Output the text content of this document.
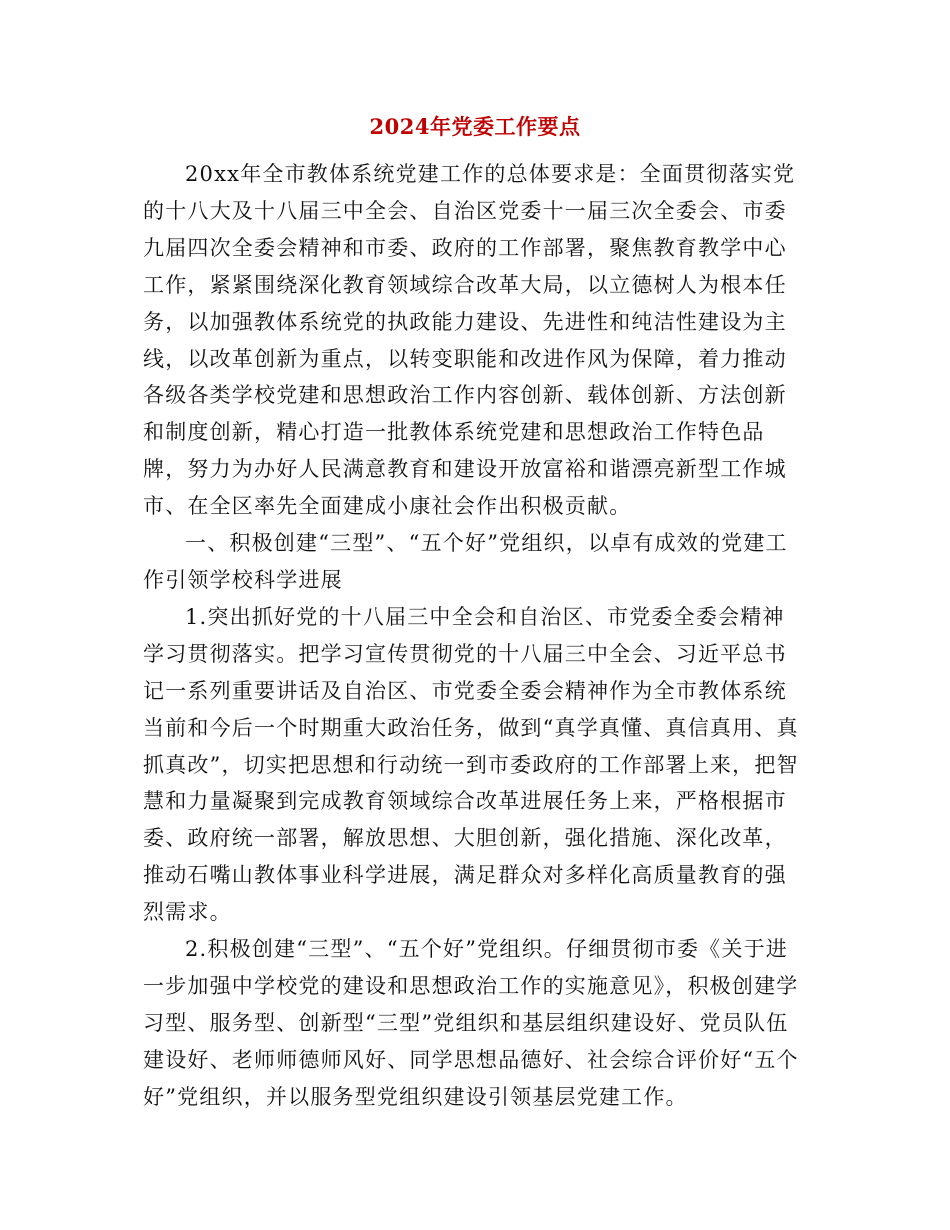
2024年党委工作要点

20xx年全市教体系统党建工作的总体要求是：全面贯彻落实党的十八大及十八届三中全会、自治区党委十一届三次全委会、市委九届四次全委会精神和市委、政府的工作部署，聚焦教育教学中心工作，紧紧围绕深化教育领域综合改革大局，以立德树人为根本任务，以加强教体系统党的执政能力建设、先进性和纯洁性建设为主线，以改革创新为重点，以转变职能和改进作风为保障，着力推动各级各类学校党建和思想政治工作内容创新、载体创新、方法创新和制度创新，精心打造一批教体系统党建和思想政治工作特色品牌，努力为办好人民满意教育和建设开放富裕和谐漂亮新型工作城市、在全区率先全面建成小康社会作出积极贡献。

一、积极创建“三型”、“五个好”党组织，以卓有成效的党建工作引领学校科学进展

1.突出抓好党的十八届三中全会和自治区、市党委全委会精神学习贯彻落实。把学习宣传贯彻党的十八届三中全会、习近平总书记一系列重要讲话及自治区、市党委全委会精神作为全市教体系统当前和今后一个时期重大政治任务，做到“真学真懂、真信真用、真抓真改”，切实把思想和行动统一到市委政府的工作部署上来，把智慧和力量凝聚到完成教育领域综合改革进展任务上来，严格根据市委、政府统一部署，解放思想、大胆创新，强化措施、深化改革，推动石嘴山教体事业科学进展，满足群众对多样化高质量教育的强烈需求。

2.积极创建“三型”、“五个好”党组织。仔细贯彻市委《关于进一步加强中学校党的建设和思想政治工作的实施意见》，积极创建学习型、服务型、创新型“三型”党组织和基层组织建设好、党员队伍建设好、老师师德师风好、同学思想品德好、社会综合评价好“五个好”党组织，并以服务型党组织建设引领基层党建工作。
